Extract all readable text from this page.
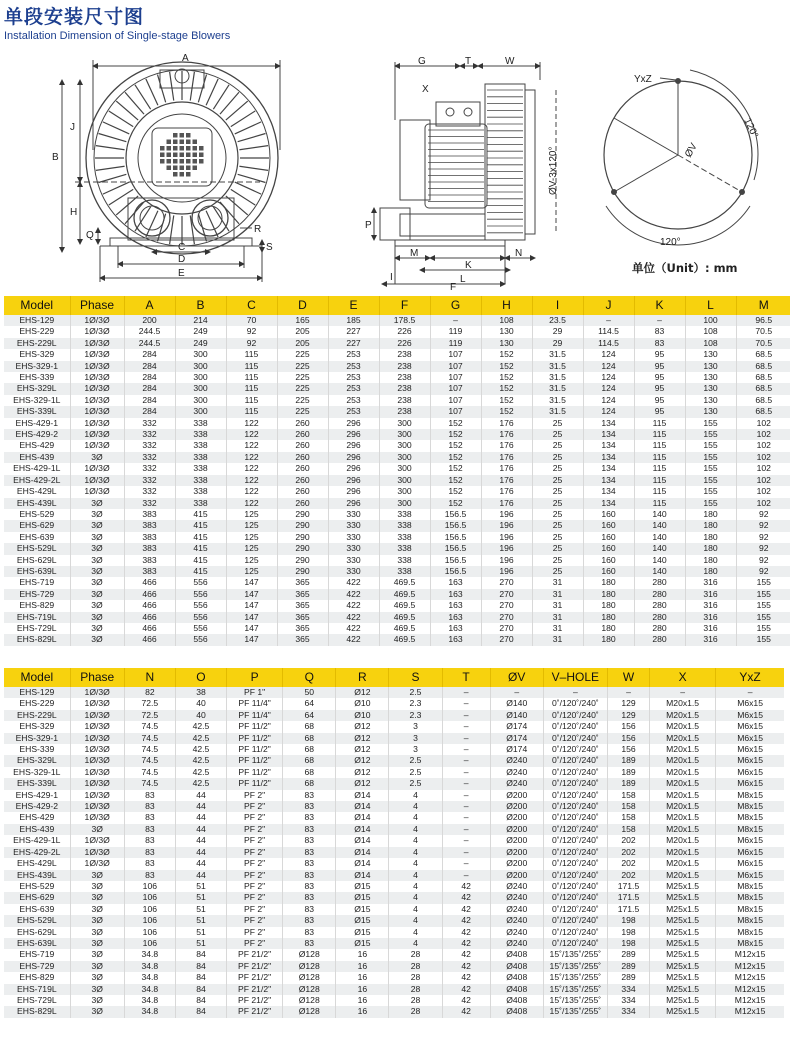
单段安装尺寸图
Installation Dimension of Single-stage Blowers
A
B
J
H
Q
R
C
D
S
E
G	T	W
X
ØV-3x120°
P
M
K
N
L
I
F
YxZ
120°
120°
ØV
单位（Unit）: mm
Model	Phase	A	B	C	D	E	F	G	H	I	J	K	L	M
EHS-129	1Ø/3Ø	200	214	70	165	185	178.5	–	108	23.5	–	–	100	96.5
EHS-229	1Ø/3Ø	244.5	249	92	205	227	226	119	130	29	114.5	83	108	70.5
EHS-229L	1Ø/3Ø	244.5	249	92	205	227	226	119	130	29	114.5	83	108	70.5
EHS-329	1Ø/3Ø	284	300	115	225	253	238	107	152	31.5	124	95	130	68.5
EHS-329-1	1Ø/3Ø	284	300	115	225	253	238	107	152	31.5	124	95	130	68.5
EHS-339	1Ø/3Ø	284	300	115	225	253	238	107	152	31.5	124	95	130	68.5
EHS-329L	1Ø/3Ø	284	300	115	225	253	238	107	152	31.5	124	95	130	68.5
EHS-329-1L	1Ø/3Ø	284	300	115	225	253	238	107	152	31.5	124	95	130	68.5
EHS-339L	1Ø/3Ø	284	300	115	225	253	238	107	152	31.5	124	95	130	68.5
EHS-429-1	1Ø/3Ø	332	338	122	260	296	300	152	176	25	134	115	155	102
EHS-429-2	1Ø/3Ø	332	338	122	260	296	300	152	176	25	134	115	155	102
EHS-429	1Ø/3Ø	332	338	122	260	296	300	152	176	25	134	115	155	102
EHS-439	3Ø	332	338	122	260	296	300	152	176	25	134	115	155	102
EHS-429-1L	1Ø/3Ø	332	338	122	260	296	300	152	176	25	134	115	155	102
EHS-429-2L	1Ø/3Ø	332	338	122	260	296	300	152	176	25	134	115	155	102
EHS-429L	1Ø/3Ø	332	338	122	260	296	300	152	176	25	134	115	155	102
EHS-439L	3Ø	332	338	122	260	296	300	152	176	25	134	115	155	102
EHS-529	3Ø	383	415	125	290	330	338	156.5	196	25	160	140	180	92
EHS-629	3Ø	383	415	125	290	330	338	156.5	196	25	160	140	180	92
EHS-639	3Ø	383	415	125	290	330	338	156.5	196	25	160	140	180	92
EHS-529L	3Ø	383	415	125	290	330	338	156.5	196	25	160	140	180	92
EHS-629L	3Ø	383	415	125	290	330	338	156.5	196	25	160	140	180	92
EHS-639L	3Ø	383	415	125	290	330	338	156.5	196	25	160	140	180	92
EHS-719	3Ø	466	556	147	365	422	469.5	163	270	31	180	280	316	155
EHS-729	3Ø	466	556	147	365	422	469.5	163	270	31	180	280	316	155
EHS-829	3Ø	466	556	147	365	422	469.5	163	270	31	180	280	316	155
EHS-719L	3Ø	466	556	147	365	422	469.5	163	270	31	180	280	316	155
EHS-729L	3Ø	466	556	147	365	422	469.5	163	270	31	180	280	316	155
EHS-829L	3Ø	466	556	147	365	422	469.5	163	270	31	180	280	316	155
Model	Phase	N	O	P	Q	R	S	T	ØV	V–HOLE	W	X	YxZ
EHS-129	1Ø/3Ø	82	38	PF 1"	50	Ø12	2.5	–	–	–	–	–	–
EHS-229	1Ø/3Ø	72.5	40	PF 11/4"	64	Ø10	2.3	–	Ø140	0˚/120˚/240˚	129	M20x1.5	M6x15
EHS-229L	1Ø/3Ø	72.5	40	PF 11/4"	64	Ø10	2.3	–	Ø140	0˚/120˚/240˚	129	M20x1.5	M6x15
EHS-329	1Ø/3Ø	74.5	42.5	PF 11/2"	68	Ø12	3	–	Ø174	0˚/120˚/240˚	156	M20x1.5	M6x15
EHS-329-1	1Ø/3Ø	74.5	42.5	PF 11/2"	68	Ø12	3	–	Ø174	0˚/120˚/240˚	156	M20x1.5	M6x15
EHS-339	1Ø/3Ø	74.5	42.5	PF 11/2"	68	Ø12	3	–	Ø174	0˚/120˚/240˚	156	M20x1.5	M6x15
EHS-329L	1Ø/3Ø	74.5	42.5	PF 11/2"	68	Ø12	2.5	–	Ø240	0˚/120˚/240˚	189	M20x1.5	M6x15
EHS-329-1L	1Ø/3Ø	74.5	42.5	PF 11/2"	68	Ø12	2.5	–	Ø240	0˚/120˚/240˚	189	M20x1.5	M6x15
EHS-339L	1Ø/3Ø	74.5	42.5	PF 11/2"	68	Ø12	2.5	–	Ø240	0˚/120˚/240˚	189	M20x1.5	M6x15
EHS-429-1	1Ø/3Ø	83	44	PF 2"	83	Ø14	4	–	Ø200	0˚/120˚/240˚	158	M20x1.5	M8x15
EHS-429-2	1Ø/3Ø	83	44	PF 2"	83	Ø14	4	–	Ø200	0˚/120˚/240˚	158	M20x1.5	M8x15
EHS-429	1Ø/3Ø	83	44	PF 2"	83	Ø14	4	–	Ø200	0˚/120˚/240˚	158	M20x1.5	M8x15
EHS-439	3Ø	83	44	PF 2"	83	Ø14	4	–	Ø200	0˚/120˚/240˚	158	M20x1.5	M8x15
EHS-429-1L	1Ø/3Ø	83	44	PF 2"	83	Ø14	4	–	Ø200	0˚/120˚/240˚	202	M20x1.5	M6x15
EHS-429-2L	1Ø/3Ø	83	44	PF 2"	83	Ø14	4	–	Ø200	0˚/120˚/240˚	202	M20x1.5	M6x15
EHS-429L	1Ø/3Ø	83	44	PF 2"	83	Ø14	4	–	Ø200	0˚/120˚/240˚	202	M20x1.5	M6x15
EHS-439L	3Ø	83	44	PF 2"	83	Ø14	4	–	Ø200	0˚/120˚/240˚	202	M20x1.5	M6x15
EHS-529	3Ø	106	51	PF 2"	83	Ø15	4	42	Ø240	0˚/120˚/240˚	171.5	M25x1.5	M8x15
EHS-629	3Ø	106	51	PF 2"	83	Ø15	4	42	Ø240	0˚/120˚/240˚	171.5	M25x1.5	M8x15
EHS-639	3Ø	106	51	PF 2"	83	Ø15	4	42	Ø240	0˚/120˚/240˚	171.5	M25x1.5	M8x15
EHS-529L	3Ø	106	51	PF 2"	83	Ø15	4	42	Ø240	0˚/120˚/240˚	198	M25x1.5	M8x15
EHS-629L	3Ø	106	51	PF 2"	83	Ø15	4	42	Ø240	0˚/120˚/240˚	198	M25x1.5	M8x15
EHS-639L	3Ø	106	51	PF 2"	83	Ø15	4	42	Ø240	0˚/120˚/240˚	198	M25x1.5	M8x15
EHS-719	3Ø	34.8	84	PF 21/2"	Ø128	16	28	42	Ø408	15˚/135˚/255˚	289	M25x1.5	M12x15
EHS-729	3Ø	34.8	84	PF 21/2"	Ø128	16	28	42	Ø408	15˚/135˚/255˚	289	M25x1.5	M12x15
EHS-829	3Ø	34.8	84	PF 21/2"	Ø128	16	28	42	Ø408	15˚/135˚/255˚	289	M25x1.5	M12x15
EHS-719L	3Ø	34.8	84	PF 21/2"	Ø128	16	28	42	Ø408	15˚/135˚/255˚	334	M25x1.5	M12x15
EHS-729L	3Ø	34.8	84	PF 21/2"	Ø128	16	28	42	Ø408	15˚/135˚/255˚	334	M25x1.5	M12x15
EHS-829L	3Ø	34.8	84	PF 21/2"	Ø128	16	28	42	Ø408	15˚/135˚/255˚	334	M25x1.5	M12x15
